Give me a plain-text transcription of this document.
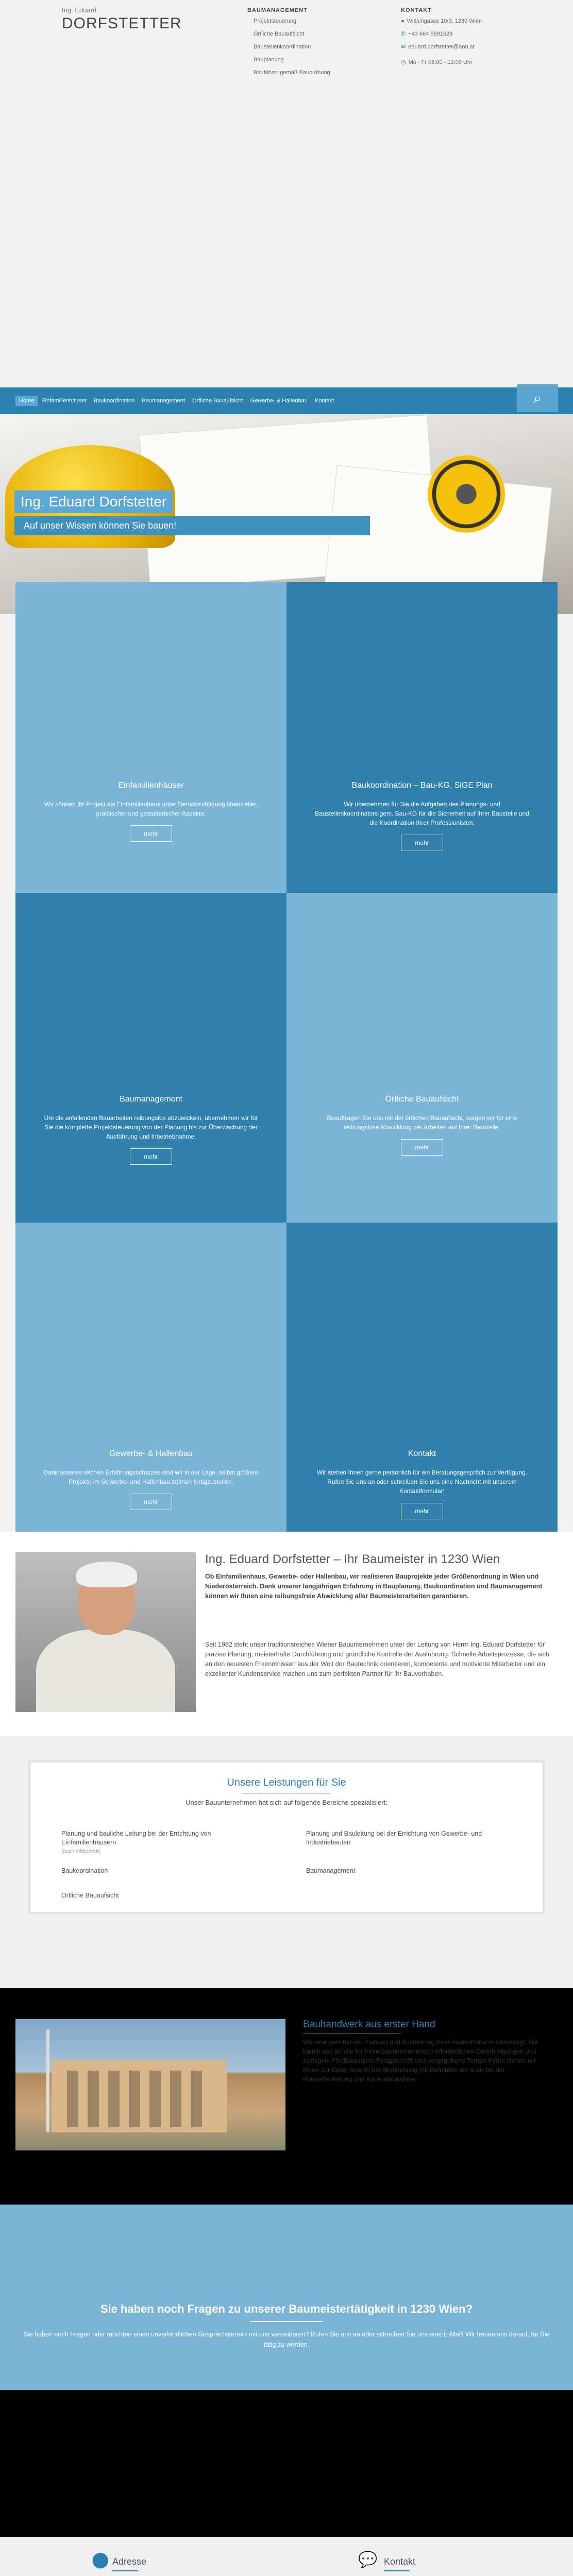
Ing. Eduard
DORFSTETTER
BAUMANAGEMENT
Projektsteuerung
Örtliche Bauaufsicht
Baustellenkoordination
Bauplanung
Bauführer gemäß Bauordnung
KONTAKT
● Wittichgasse 10/9, 1230 Wien
✆ +43 664 9891529
✉ eduard.dorfstetter@aon.at
◷ Mo - Fr 08:00 - 13:00 Uhr
Home	Einfamilienhäuser	Baukoordination	Baumanagement	Örtliche Bauaufsicht	Gewerbe- & Hallenbau	Kontakt	⌕
Ing. Eduard Dorfstetter
Auf unser Wissen können Sie bauen!
Einfamilienhäuser

Wir können Ihr Projekt als Einfamilienhaus unter Berücksichtigung finanzieller, praktischer und gestalterischer Aspekte.

mehr
Baukoordination – Bau-KG, SiGE Plan

Wir übernehmen für Sie die Aufgaben des Planungs- und Baustellenkoordinators gem. Bau-KG für die Sicherheit auf Ihrer Baustelle und die Koordination Ihrer Professionisten.

mehr
Baumanagement

Um die anfallenden Bauarbeiten reibungslos abzuwickeln, übernehmen wir für Sie die komplette Projektsteuerung von der Planung bis zur Überwachung der Ausführung und Inbetriebnahme.

mehr
Örtliche Bauaufsicht

Beauftragen Sie uns mit der örtlichen Bauaufsicht, sorgen wir für eine reibungslose Abwicklung der Arbeiten auf Ihrer Baustelle.

mehr
Gewerbe- & Hallenbau

Dank unseres reichen Erfahrungsschatzes sind wir in der Lage, selbst größere Projekte im Gewerbe- und Hallenbau zeitnah fertigzustellen.

mehr
Kontakt

Wir stehen Ihnen gerne persönlich für ein Beratungsgespräch zur Verfügung. Rufen Sie uns an oder schreiben Sie uns eine Nachricht mit unserem Kontaktformular!

mehr
Ing. Eduard Dorfstetter – Ihr Baumeister in 1230 Wien

Ob Einfamilienhaus, Gewerbe- oder Hallenbau, wir realisieren Bauprojekte jeder Größenordnung in Wien und Niederösterreich. Dank unserer langjährigen Erfahrung in Bauplanung, Baukoordination und Baumanagement können wir Ihnen eine reibungsfreie Abwicklung aller Baumeisterarbeiten garantieren.

Seit 1982 steht unser traditionsreiches Wiener Bauunternehmen unter der Leitung von Herrn Ing. Eduard Dorfstetter für präzise Planung, meisterhafte Durchführung und gründliche Kontrolle der Ausführung. Schnelle Arbeitsprozesse, die sich an den neuesten Erkenntnissen aus der Welt der Bautechnik orientieren, kompetente und motivierte Mitarbeiter und ein exzellenter Kundenservice machen uns zum perfekten Partner für Ihr Bauvorhaben.

Unsere Leistungen für Sie

Unser Bauunternehmen hat sich auf folgende Bereiche spezialisiert:

Planung und bauliche Leitung bei der Errichtung von Einfamilienhäusern
(auch mitbetreut)
Planung und Bauleitung bei der Errichtung von Gewerbe- und Industriebauten
Baukoordination	Baumanagement
Örtliche Bauaufsicht
Bauhandwerk aus erster Hand

Wir sind gern mit der Planung und Ausführung Ihres Bauvorhabens beauftragt. Wir halten uns an alle für Ihren Bauherrenwunsch erforderlichen Genehmigungen und Auflagen. Für Bauprojekt-Festgeschäft und vorgegebene Termin-Pläne stehen wir Ihnen zur Seite, sowohl bei Abstimmung mit Behörden als auch bei der Baustellenleitung und Bauendabnahme.

Sie haben noch Fragen zu unserer Baumeistertätigkeit in 1230 Wien?

Sie haben noch Fragen oder möchten einen unverbindlichen Gesprächstermin mit uns vereinbaren? Rufen Sie uns an oder schreiben Sie uns eine E-Mail! Wir freuen uns darauf, für Sie tätig zu werden.

⬤ Adresse	💬 Kontakt
